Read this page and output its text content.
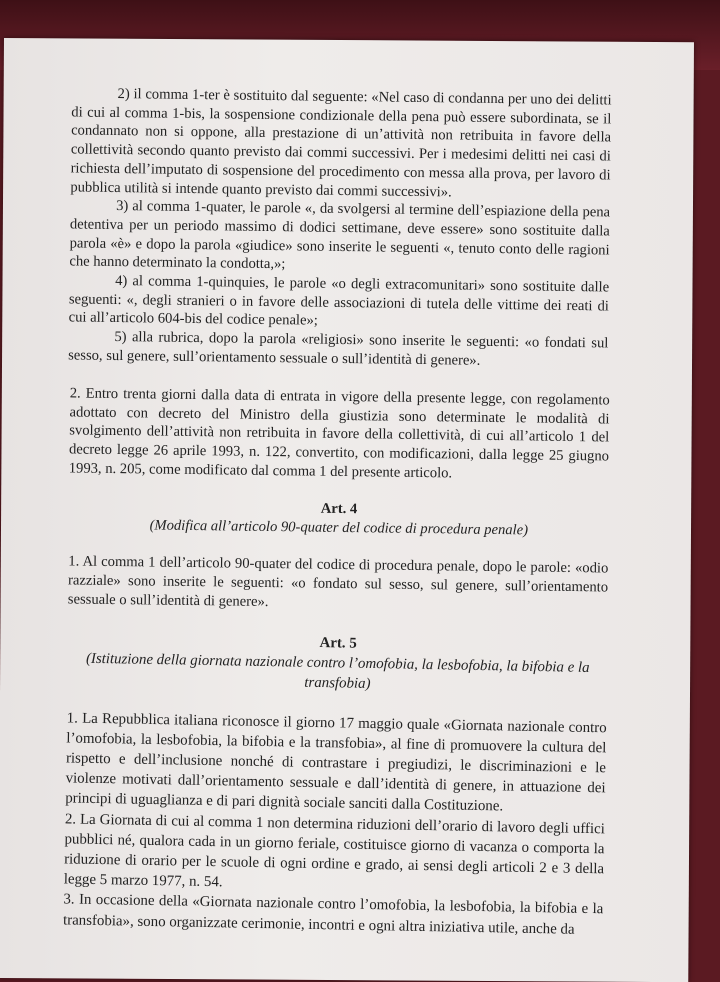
2) il comma 1-ter è sostituito dal seguente: «Nel caso di condanna per uno dei delitti di cui al comma 1-bis, la sospensione condizionale della pena può essere subordinata, se il condannato non si oppone, alla prestazione di un’attività non retribuita in favore della collettività secondo quanto previsto dai commi successivi. Per i medesimi delitti nei casi di richiesta dell’imputato di sospensione del procedimento con messa alla prova, per lavoro di pubblica utilità si intende quanto previsto dai commi successivi».

3) al comma 1-quater, le parole «, da svolgersi al termine dell’espiazione della pena detentiva per un periodo massimo di dodici settimane, deve essere» sono sostituite dalla parola «è» e dopo la parola «giudice» sono inserite le seguenti «, tenuto conto delle ragioni che hanno determinato la condotta,»;

4) al comma 1-quinquies, le parole «o degli extracomunitari» sono sostituite dalle seguenti: «, degli stranieri o in favore delle associazioni di tutela delle vittime dei reati di cui all’articolo 604-bis del codice penale»;

5) alla rubrica, dopo la parola «religiosi» sono inserite le seguenti: «o fondati sul sesso, sul genere, sull’orientamento sessuale o sull’identità di genere».

2. Entro trenta giorni dalla data di entrata in vigore della presente legge, con regolamento adottato con decreto del Ministro della giustizia sono determinate le modalità di svolgimento dell’attività non retribuita in favore della collettività, di cui all’articolo 1 del decreto legge 26 aprile 1993, n. 122, convertito, con modificazioni, dalla legge 25 giugno 1993, n. 205, come modificato dal comma 1 del presente articolo.

Art. 4

(Modifica all’articolo 90-quater del codice di procedura penale)

1. Al comma 1 dell’articolo 90-quater del codice di procedura penale, dopo le parole: «odio razziale» sono inserite le seguenti: «o fondato sul sesso, sul genere, sull’orientamento sessuale o sull’identità di genere».

Art. 5

(Istituzione della giornata nazionale contro l’omofobia, la lesbofobia, la bifobia e la transfobia)

1. La Repubblica italiana riconosce il giorno 17 maggio quale «Giornata nazionale contro l’omofobia, la lesbofobia, la bifobia e la transfobia», al fine di promuovere la cultura del rispetto e dell’inclusione nonché di contrastare i pregiudizi, le discriminazioni e le violenze motivati dall’orientamento sessuale e dall’identità di genere, in attuazione dei principi di uguaglianza e di pari dignità sociale sanciti dalla Costituzione.

2. La Giornata di cui al comma 1 non determina riduzioni dell’orario di lavoro degli uffici pubblici né, qualora cada in un giorno feriale, costituisce giorno di vacanza o comporta la riduzione di orario per le scuole di ogni ordine e grado, ai sensi degli articoli 2 e 3 della legge 5 marzo 1977, n. 54.

3. In occasione della «Giornata nazionale contro l’omofobia, la lesbofobia, la bifobia e la transfobia», sono organizzate cerimonie, incontri e ogni altra iniziativa utile, anche da
